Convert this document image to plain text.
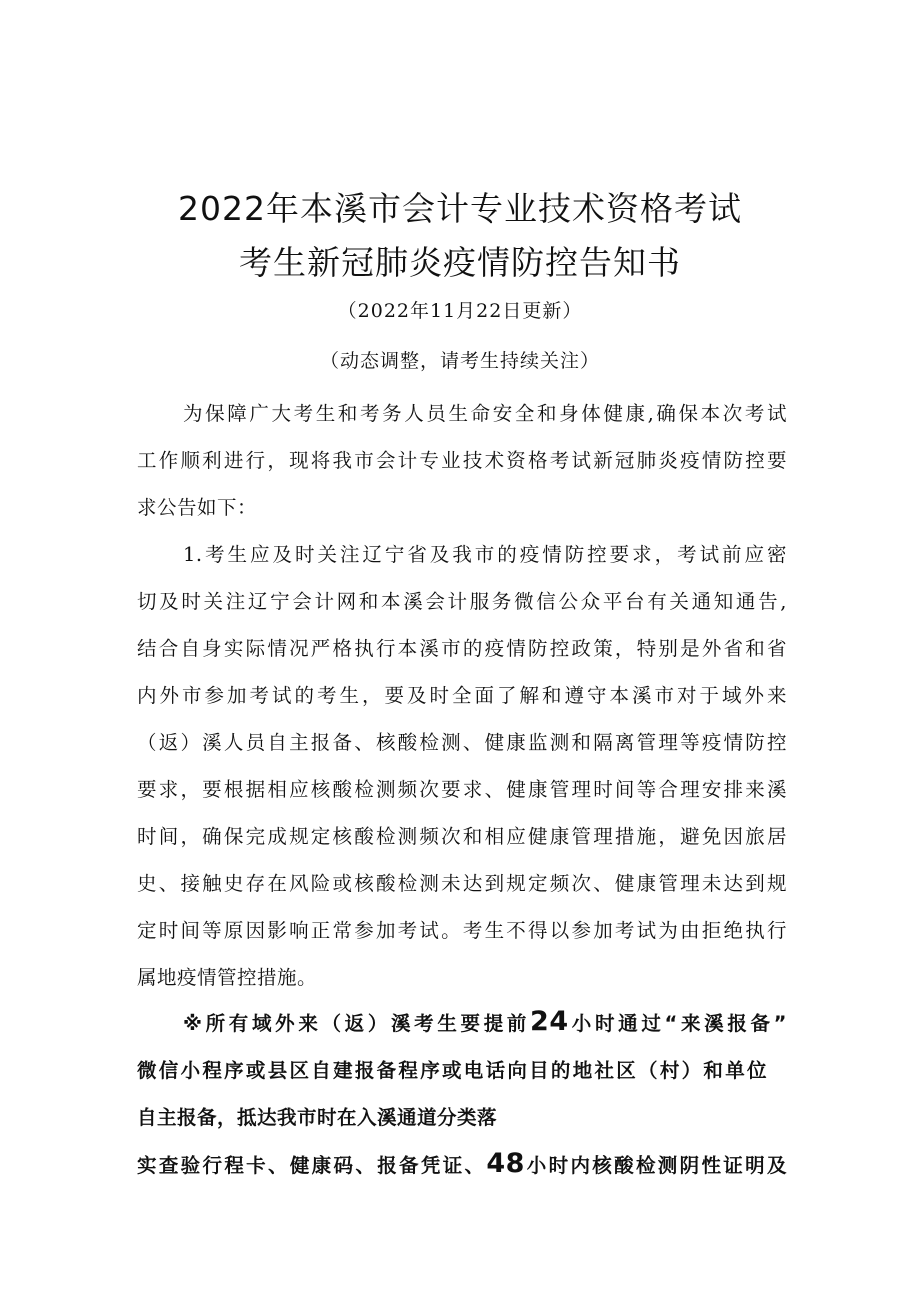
2022年本溪市会计专业技术资格考试
考生新冠肺炎疫情防控告知书
（2022年11月22日更新）
（动态调整，请考生持续关注）
为保障广大考生和考务人员生命安全和身体健康,确保本次考试
工作顺利进行，现将我市会计专业技术资格考试新冠肺炎疫情防控要
求公告如下：
1.考生应及时关注辽宁省及我市的疫情防控要求，考试前应密
切及时关注辽宁会计网和本溪会计服务微信公众平台有关通知通告,
结合自身实际情况严格执行本溪市的疫情防控政策，特别是外省和省
内外市参加考试的考生，要及时全面了解和遵守本溪市对于域外来
（返）溪人员自主报备、核酸检测、健康监测和隔离管理等疫情防控
要求，要根据相应核酸检测频次要求、健康管理时间等合理安排来溪
时间，确保完成规定核酸检测频次和相应健康管理措施，避免因旅居
史、接触史存在风险或核酸检测未达到规定频次、健康管理未达到规
定时间等原因影响正常参加考试。考生不得以参加考试为由拒绝执行
属地疫情管控措施。
※所有域外来（返）溪考生要提前24小时通过“来溪报备”
微信小程序或县区自建报备程序或电话向目的地社区（村）和单位
自主报备，抵达我市时在入溪通道分类落
实查验行程卡、健康码、报备凭证、48小时内核酸检测阴性证明及
